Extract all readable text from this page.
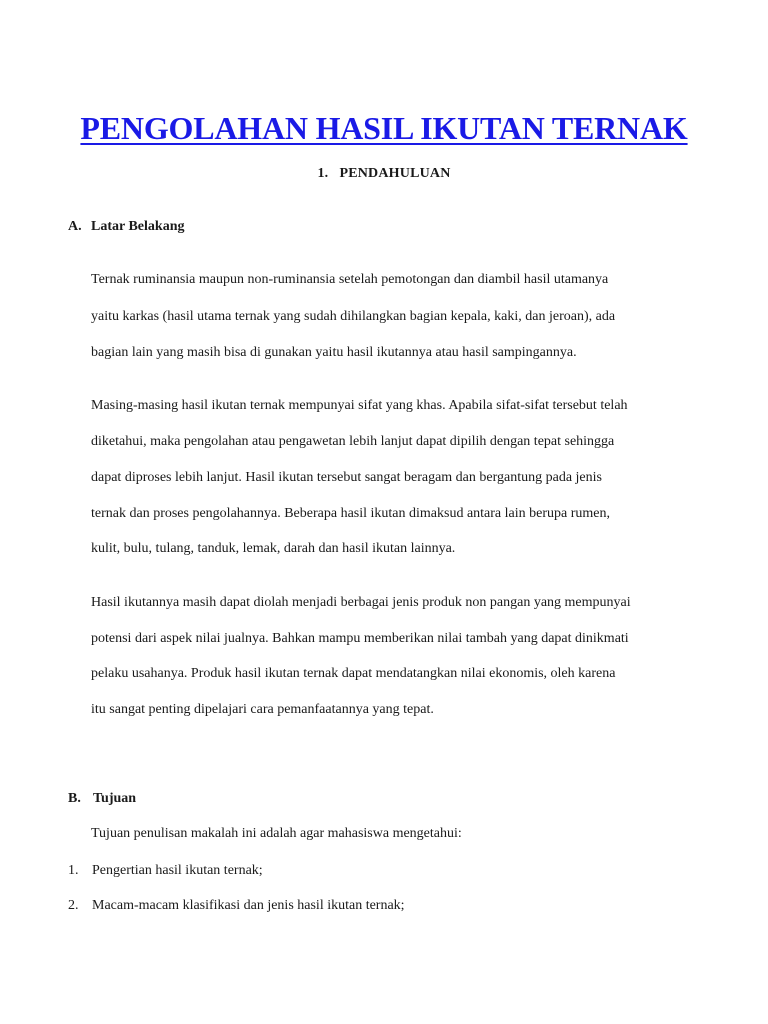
PENGOLAHAN HASIL IKUTAN TERNAK
1. PENDAHULUAN
A. Latar Belakang
Ternak ruminansia maupun non-ruminansia setelah pemotongan dan diambil hasil utamanya
yaitu karkas (hasil utama ternak yang sudah dihilangkan bagian kepala, kaki, dan jeroan), ada
bagian lain yang masih bisa di gunakan yaitu hasil ikutannya atau hasil sampingannya.
Masing-masing hasil ikutan ternak mempunyai sifat yang khas. Apabila sifat-sifat tersebut telah
diketahui, maka pengolahan atau pengawetan lebih lanjut dapat dipilih dengan tepat sehingga
dapat diproses lebih lanjut. Hasil ikutan tersebut sangat beragam dan bergantung pada jenis
ternak dan proses pengolahannya. Beberapa hasil ikutan dimaksud antara lain berupa rumen,
kulit, bulu, tulang, tanduk, lemak, darah dan hasil ikutan lainnya.
Hasil ikutannya masih dapat diolah menjadi berbagai jenis produk non pangan yang mempunyai
potensi dari aspek nilai jualnya. Bahkan mampu memberikan nilai tambah yang dapat dinikmati
pelaku usahanya. Produk hasil ikutan ternak dapat mendatangkan nilai ekonomis, oleh karena
itu sangat penting dipelajari cara pemanfaatannya yang tepat.
B. Tujuan
Tujuan penulisan makalah ini adalah agar mahasiswa mengetahui:
1. Pengertian hasil ikutan ternak;
2. Macam-macam klasifikasi dan jenis hasil ikutan ternak;
